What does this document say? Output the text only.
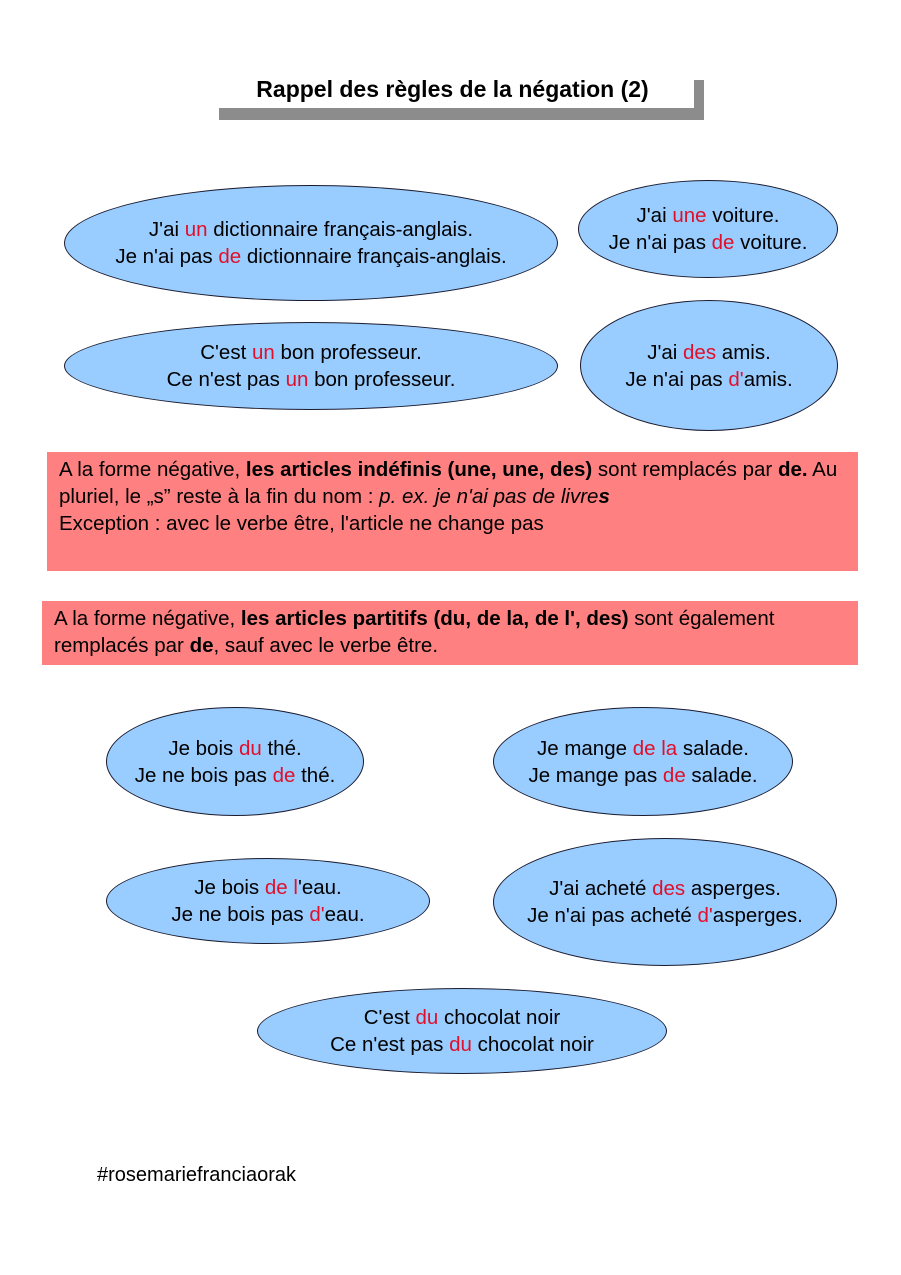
Rappel des règles de la négation (2)
J'ai un dictionnaire français-anglais.
Je n'ai pas de dictionnaire français-anglais.
J'ai une voiture.
Je n'ai pas de voiture.
C'est un bon professeur.
Ce n'est pas un bon professeur.
J'ai des amis.
Je n'ai pas d'amis.
A la forme négative, les articles indéfinis (une, une, des) sont remplacés par de. Au pluriel, le „s” reste à la fin du nom : p. ex. je n'ai pas de livres
Exception : avec le verbe être, l'article ne change pas
A la forme négative, les articles partitifs (du, de la, de l', des) sont également remplacés par de, sauf avec le verbe être.
Je bois du thé.
Je ne bois pas de thé.
Je mange de la salade.
Je mange pas de salade.
Je bois de l'eau.
Je ne bois pas d'eau.
J'ai acheté des asperges.
Je n'ai pas acheté d'asperges.
C'est du chocolat noir
Ce n'est pas du chocolat noir
#rosemariefranciaorak
